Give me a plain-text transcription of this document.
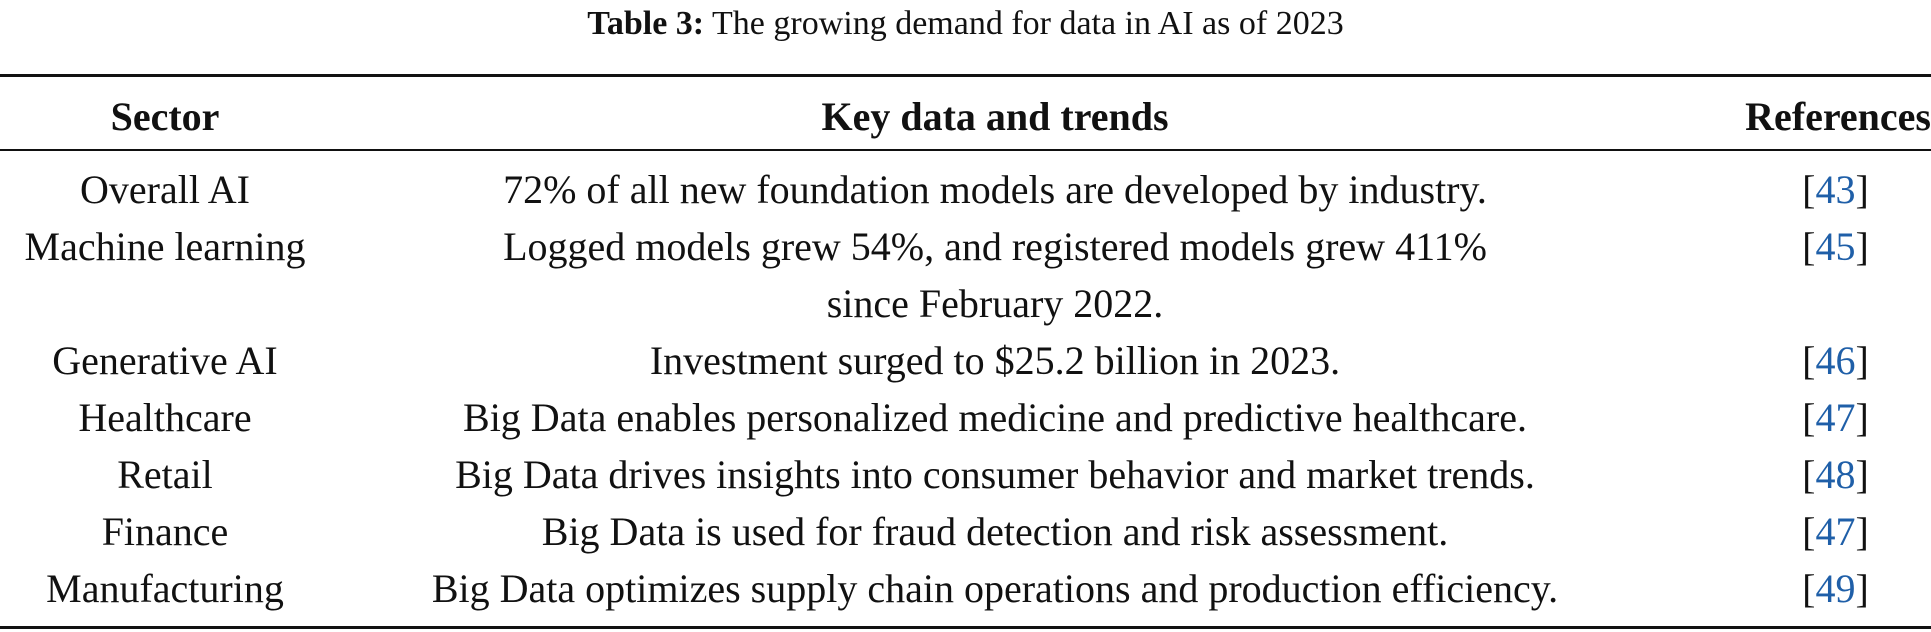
Table 3: The growing demand for data in AI as of 2023
Sector	Key data and trends	References
Overall AI	72% of all new foundation models are developed by industry.	[43]
Machine learning	Logged models grew 54%, and registered models grew 411% since February 2022.	[45]
Generative AI	Investment surged to $25.2 billion in 2023.	[46]
Healthcare	Big Data enables personalized medicine and predictive healthcare.	[47]
Retail	Big Data drives insights into consumer behavior and market trends.	[48]
Finance	Big Data is used for fraud detection and risk assessment.	[47]
Manufacturing	Big Data optimizes supply chain operations and production efficiency.	[49]
